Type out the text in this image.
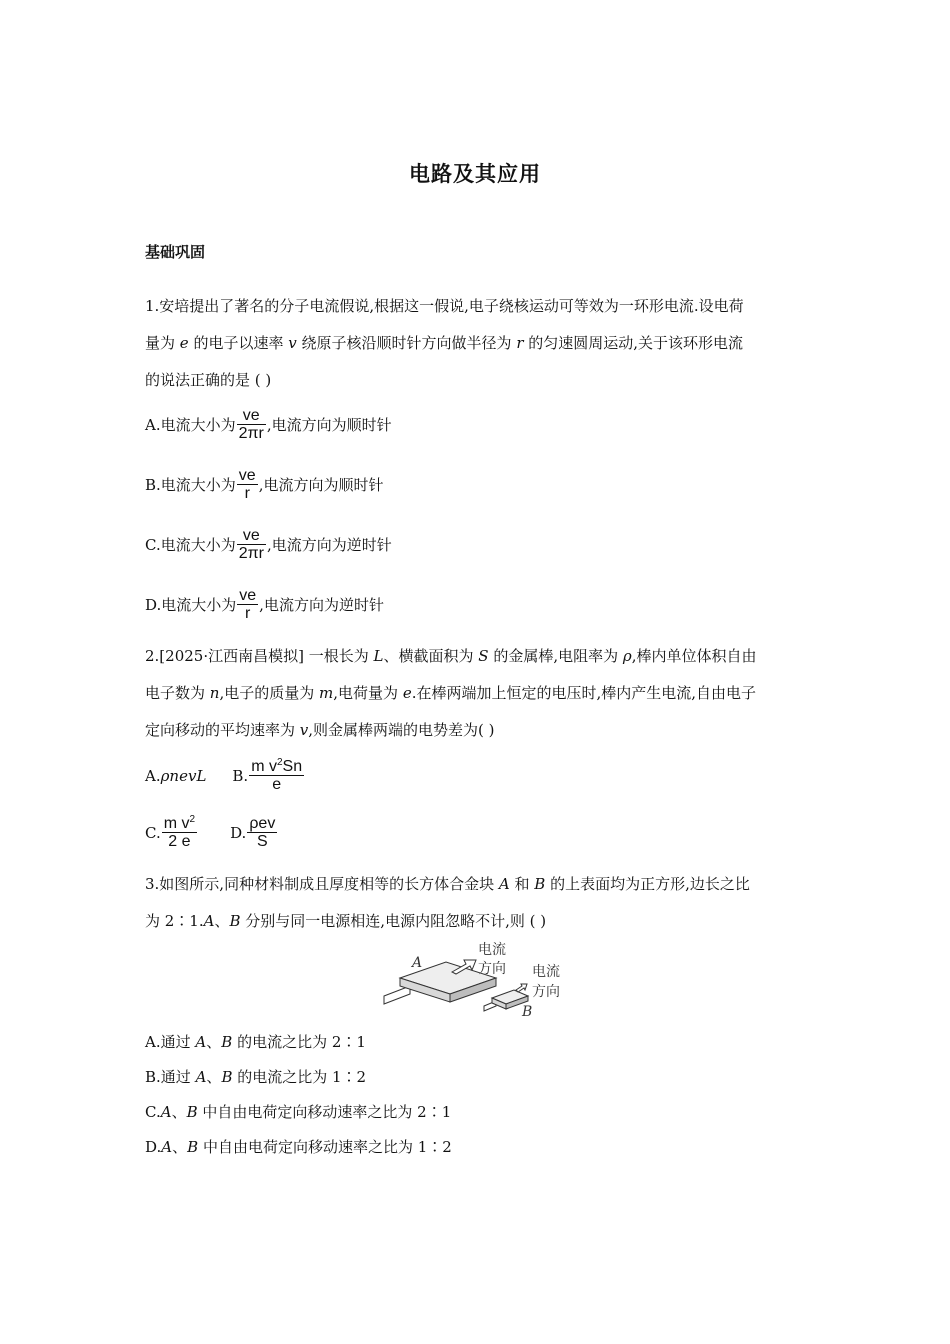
电路及其应用
基础巩固
1.安培提出了著名的分子电流假说,根据这一假说,电子绕核运动可等效为一环形电流.设电荷
量为 e 的电子以速率 v 绕原子核沿顺时针方向做半径为 r 的匀速圆周运动,关于该环形电流
的说法正确的是 ( )
A.电流大小为 $\frac{ve}{2\pi r}$ ,电流方向为顺时针
B.电流大小为 $\frac{ve}{r}$ ,电流方向为顺时针
C.电流大小为 $\frac{ve}{2\pi r}$ ,电流方向为逆时针
D.电流大小为 $\frac{ve}{r}$ ,电流方向为逆时针
2.[2025·江西南昌模拟] 一根长为 L、横截面积为 S 的金属棒,电阻率为 ρ,棒内单位体积自由
电子数为 n,电子的质量为 m,电荷量为 e.在棒两端加上恒定的电压时,棒内产生电流,自由电子
定向移动的平均速率为 v,则金属棒两端的电势差为( )
A. ρnevL B. $\frac{m v^2Sn}{e}$
C. $\frac{m v^2}{2 e} D$. $\frac{\text{ρev}}{S}$
3.如图所示,同种材料制成且厚度相等的长方体合金块 A 和 B 的上表面均为正方形,边长之比
为 2∶1.A、B 分别与同一电源相连,电源内阻忽略不计,则 ( )
A
电流
方向
B
电流
方向
A.通过 A、B 的电流之比为 2∶1
B.通过 A、B 的电流之比为 1∶2
C.A、B 中自由电荷定向移动速率之比为 2∶1
D.A、B 中自由电荷定向移动速率之比为 1∶2
